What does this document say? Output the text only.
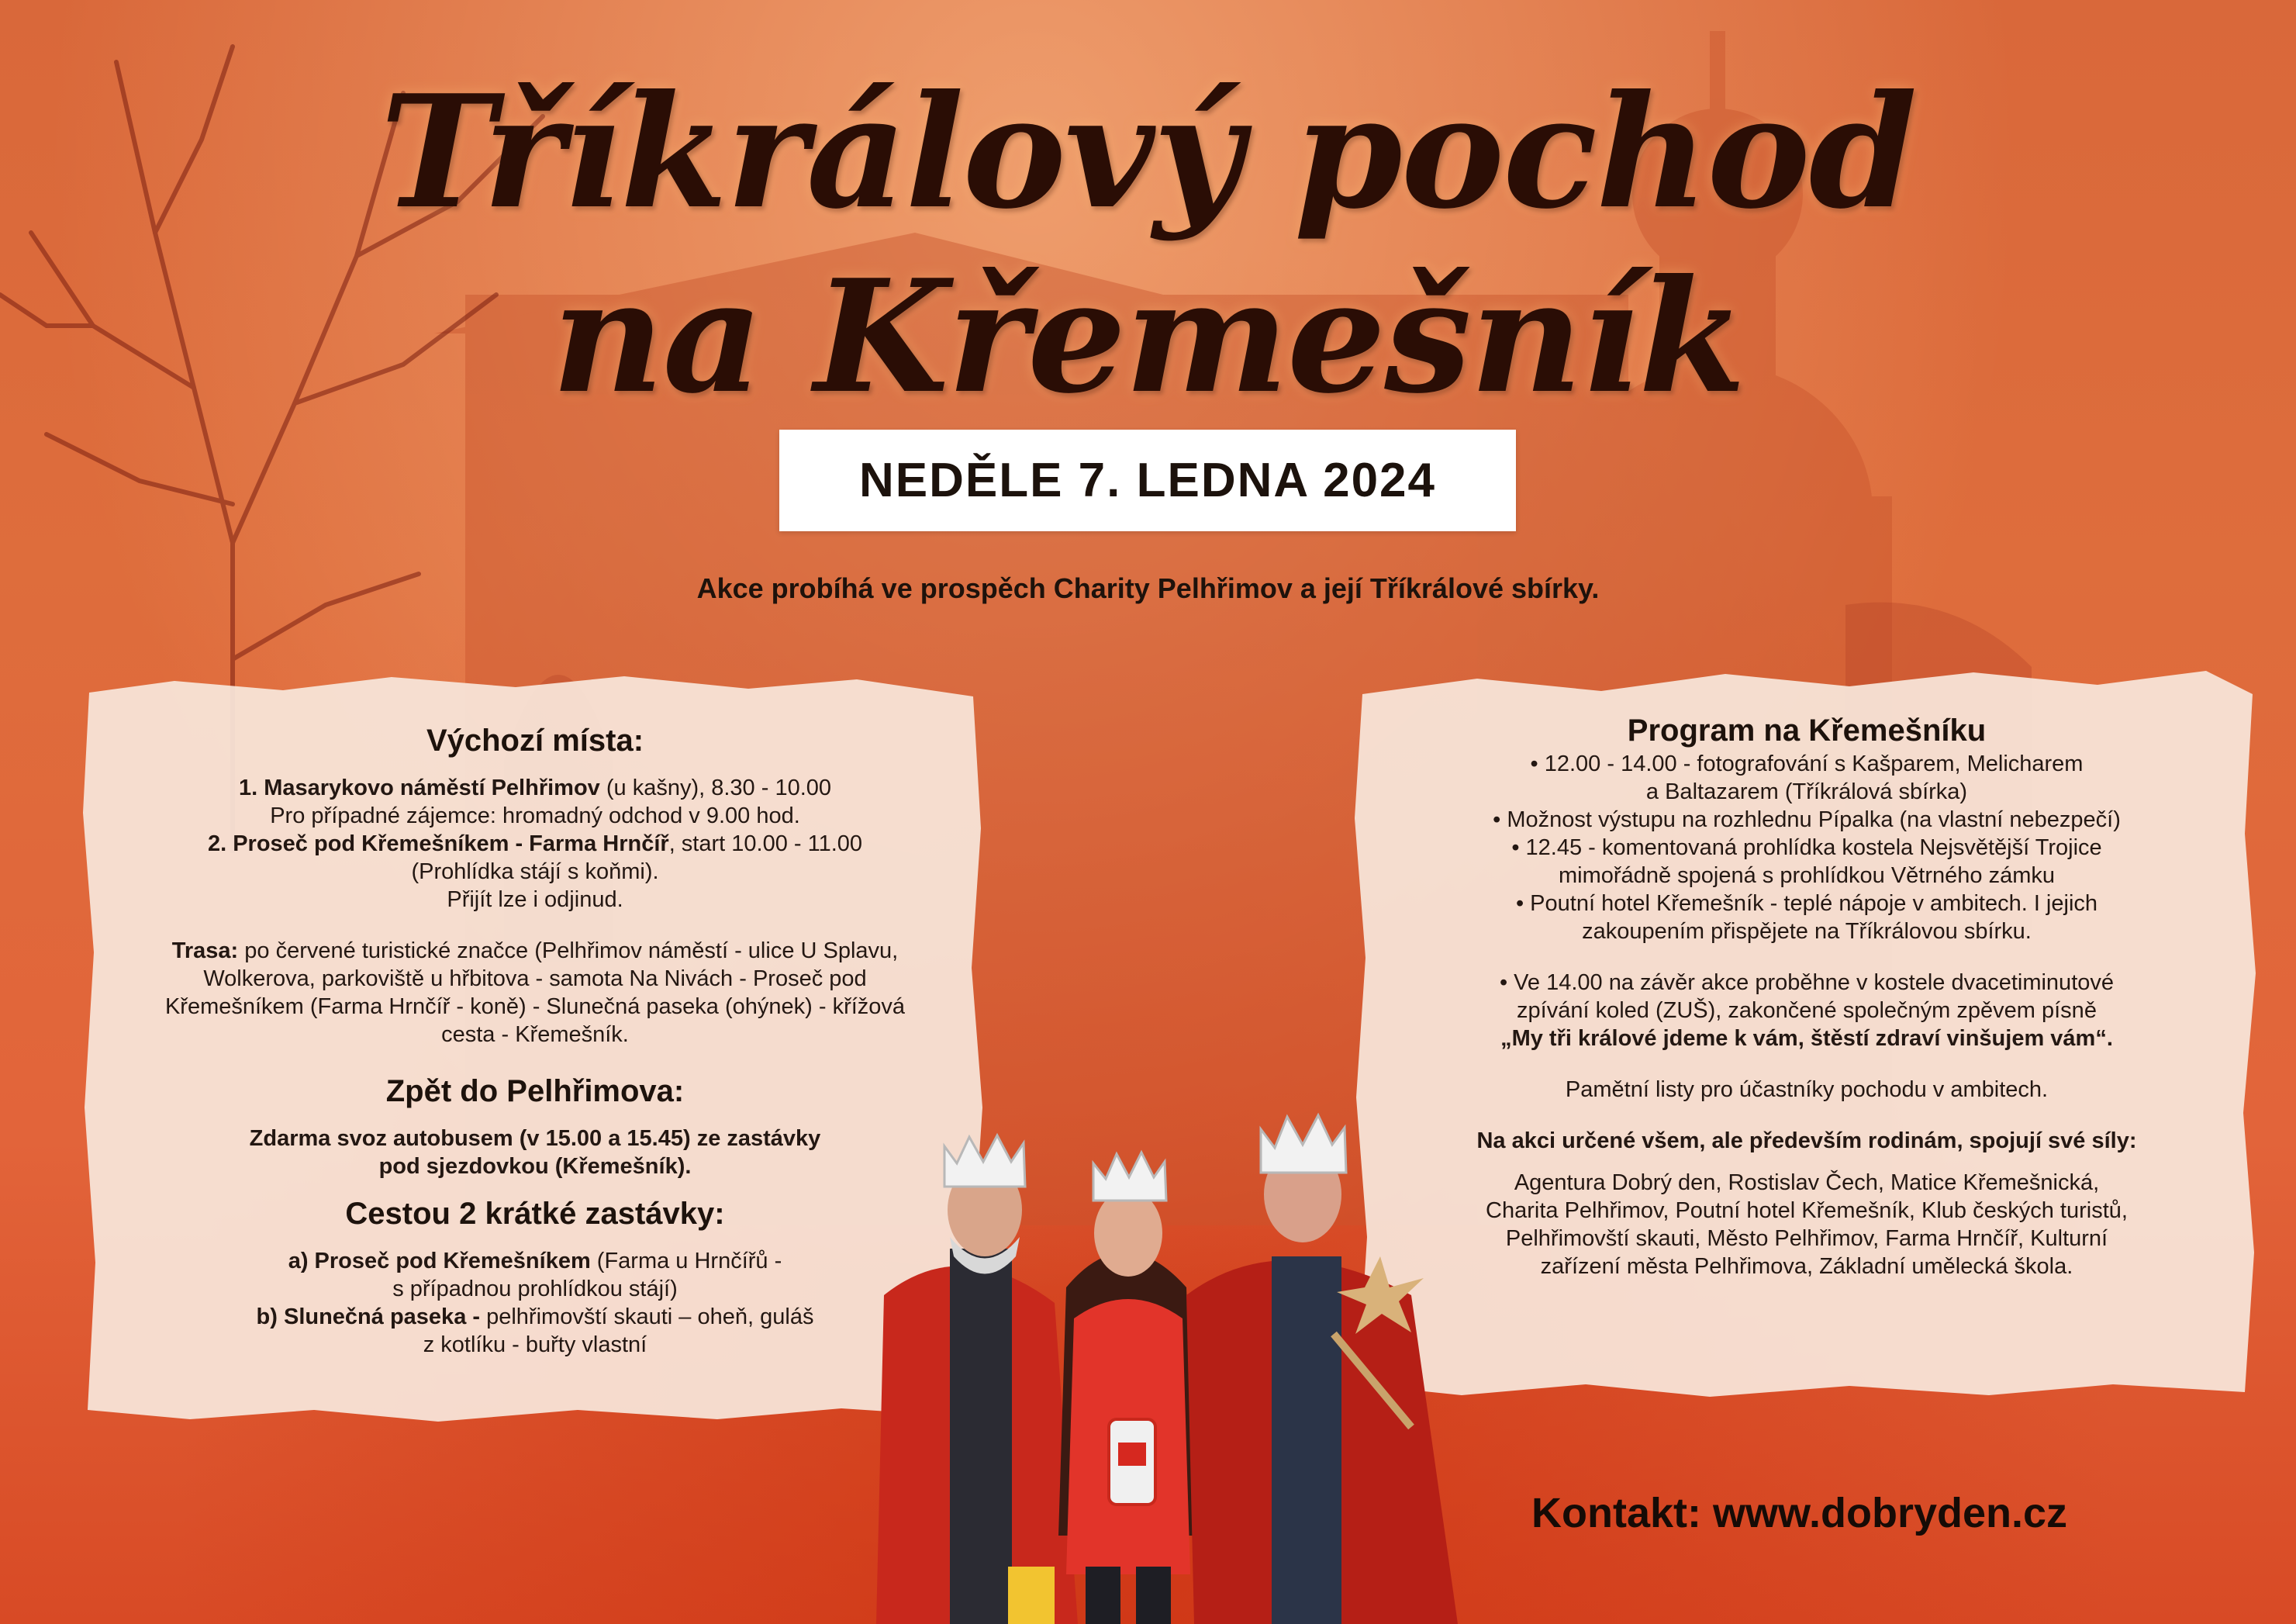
Tříkrálový pochod
na Křemešník
NEDĚLE 7. LEDNA 2024
Akce probíhá ve prospěch Charity Pelhřimov a její Tříkrálové sbírky.
Výchozí místa:

1. Masarykovo náměstí Pelhřimov (u kašny), 8.30 - 10.00

Pro případné zájemce: hromadný odchod v 9.00 hod.

2. Proseč pod Křemešníkem - Farma Hrnčíř, start 10.00 - 11.00

(Prohlídka stájí s koňmi).

Přijít lze i odjinud.

Trasa: po červené turistické značce (Pelhřimov náměstí - ulice U Splavu, Wolkerova, parkoviště u hřbitova - samota Na Nivách - Proseč pod Křemešníkem (Farma Hrnčíř - koně) - Slunečná paseka (ohýnek) - křížová cesta - Křemešník.

Zpět do Pelhřimova:

Zdarma svoz autobusem (v 15.00 a 15.45) ze zastávky

pod sjezdovkou (Křemešník).

Cestou 2 krátké zastávky:

a) Proseč pod Křemešníkem (Farma u Hrnčířů -

s případnou prohlídkou stájí)

b) Slunečná paseka - pelhřimovští skauti – oheň, guláš

z kotlíku - buřty vlastní

Program na Křemešníku

• 12.00 - 14.00 - fotografování s Kašparem, Melicharem

a Baltazarem (Tříkrálová sbírka)

• Možnost výstupu na rozhlednu Pípalka (na vlastní nebezpečí)

• 12.45 - komentovaná prohlídka kostela Nejsvětější Trojice

mimořádně spojená s prohlídkou Větrného zámku

• Poutní hotel Křemešník - teplé nápoje v ambitech. I jejich

zakoupením přispějete na Tříkrálovou sbírku.

• Ve 14.00 na závěr akce proběhne v kostele dvacetiminutové

zpívání koled (ZUŠ), zakončené společným zpěvem písně

„My tři králové jdeme k vám, štěstí zdraví vinšujem vám“.

Pamětní listy pro účastníky pochodu v ambitech.

Na akci určené všem, ale především rodinám, spojují své síly:

Agentura Dobrý den, Rostislav Čech, Matice Křemešnická,

Charita Pelhřimov, Poutní hotel Křemešník, Klub českých turistů,

Pelhřimovští skauti, Město Pelhřimov, Farma Hrnčíř, Kulturní

zařízení města Pelhřimova, Základní umělecká škola.

Kontakt: www.dobryden.cz
